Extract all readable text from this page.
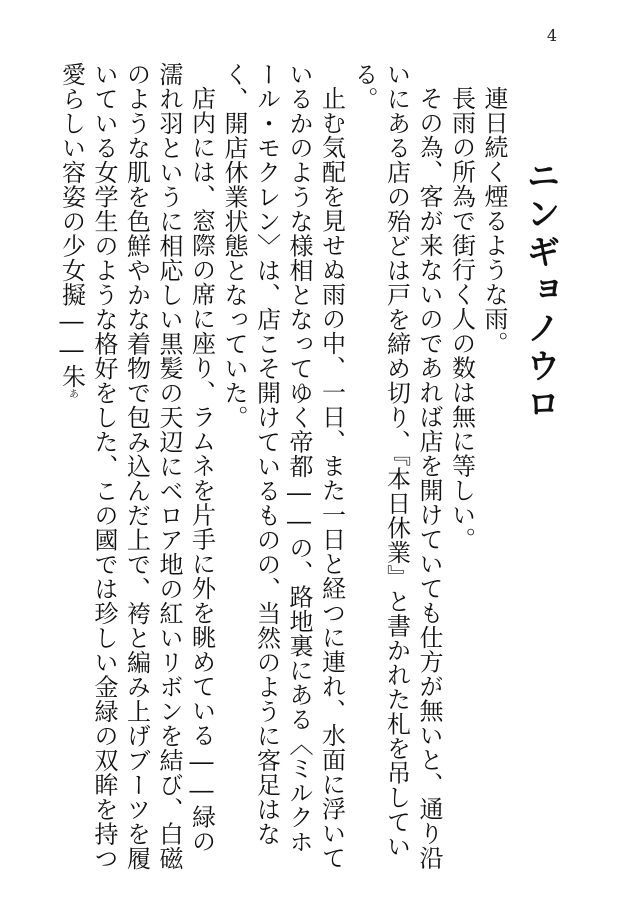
4
ニンギョノウロ

連日続く煙るような雨。

長雨の所為で街行く人の数は無に等しい。

その為、客が来ないのであれば店を開けていても仕方が無いと、通り沿いにある店の殆どは戸を締め切り、『本日休業』と書かれた札を吊している。

止む気配を見せぬ雨の中、一日、また一日と経つに連れ、水面に浮いているかのような様相となってゆく帝都――の、路地裏にある〈ミルクホール・モクレン〉は、店こそ開けているものの、当然のように客足はなく、開店休業状態となっていた。

店内には、窓際の席に座り、ラムネを片手に外を眺めている――緑の濡れ羽というに相応しい黒髪の天辺にベロア地の紅いリボンを結び、白磁のような肌を色鮮やかな着物で包み込んだ上で、袴と編み上げブーツを履いている女学生のような格好をした、この國では珍しい金緑の双眸を持つ愛らしい容姿の少女擬――朱あ
